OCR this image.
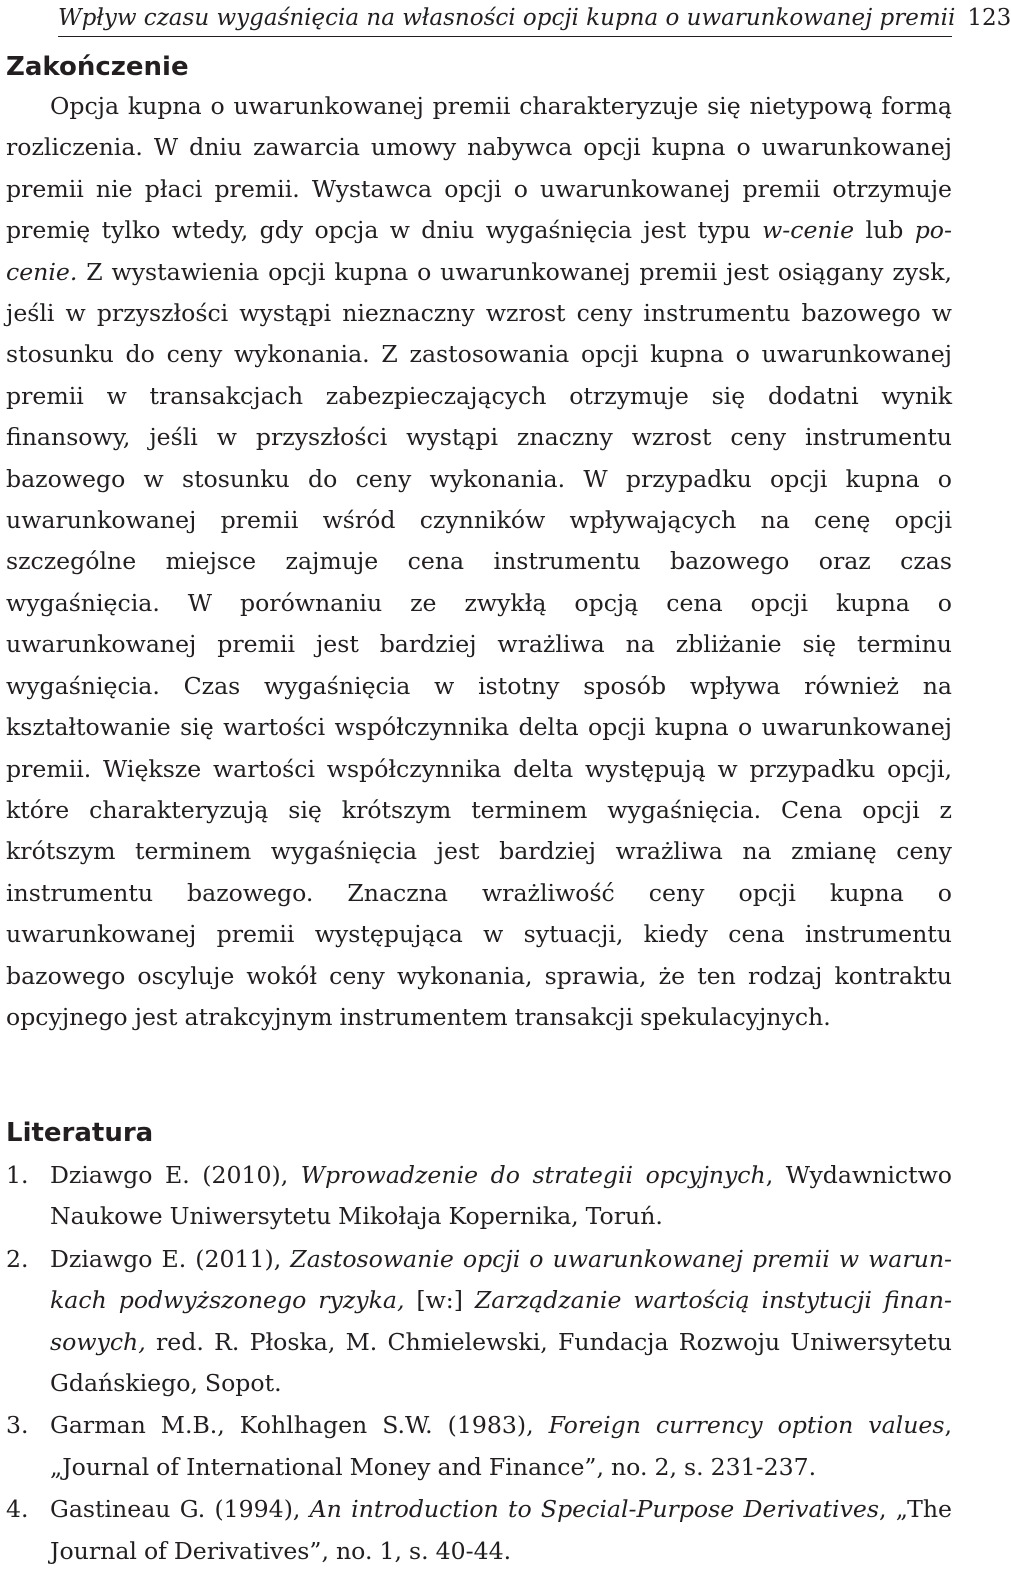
Wpływ czasu wygaśnięcia na własności opcji kupna o uwarunkowanej premii 123
Zakończenie

Opcja kupna o uwarunkowanej premii charakteryzuje się nietypową formą rozliczenia. W dniu zawarcia umowy nabywca opcji kupna o uwarunkowanej premii nie płaci premii. Wystawca opcji o uwarunkowanej premii otrzymuje premię tylko wtedy, gdy opcja w dniu wygaśnięcia jest typu w-cenie lub po-cenie. Z wystawienia opcji kupna o uwarunkowanej premii jest osiągany zysk, jeśli w przyszłości wystąpi nieznaczny wzrost ceny instrumentu bazowego w stosunku do ceny wykonania. Z zastosowania opcji kupna o uwarunkowanej premii w transakcjach zabezpieczających otrzymuje się dodatni wynik finansowy, jeśli w przyszłości wystąpi znaczny wzrost ceny instrumentu bazowego w stosunku do ceny wykonania. W przypadku opcji kupna o uwarunkowanej premii wśród czynników wpływających na cenę opcji szczególne miejsce zajmuje cena instrumentu bazowego oraz czas wygaśnięcia. W porównaniu ze zwykłą opcją cena opcji kupna o uwarunkowanej premii jest bardziej wrażliwa na zbliżanie się terminu wygaśnięcia. Czas wygaśnięcia w istotny sposób wpływa również na kształtowanie się wartości współczynnika delta opcji kupna o uwarunkowanej premii. Większe wartości współczynnika delta występują w przypadku opcji, które charakteryzują się krótszym terminem wygaśnięcia. Cena opcji z krótszym terminem wygaśnięcia jest bardziej wrażliwa na zmianę ceny instrumentu bazowego. Znaczna wrażliwość ceny opcji kupna o uwarunkowanej premii występująca w sytuacji, kiedy cena instrumentu bazowego oscyluje wokół ceny wykonania, sprawia, że ten rodzaj kontraktu opcyjnego jest atrakcyjnym instrumentem transakcji spekulacyjnych.

Literatura
1. Dziawgo E. (2010), Wprowadzenie do strategii opcyjnych, Wydawnictwo Naukowe Uniwersytetu Mikołaja Kopernika, Toruń.
2. Dziawgo E. (2011), Zastosowanie opcji o uwarunkowanej premii w warunkach podwyższonego ryzyka, [w:] Zarządzanie wartością instytucji finansowych, red. R. Płoska, M. Chmielewski, Fundacja Rozwoju Uniwersytetu Gdańskiego, Sopot.
3. Garman M.B., Kohlhagen S.W. (1983), Foreign currency option values, „Journal of International Money and Finance”, no. 2, s. 231-237.
4. Gastineau G. (1994), An introduction to Special-Purpose Derivatives, „The Journal of Derivatives”, no. 1, s. 40-44.
